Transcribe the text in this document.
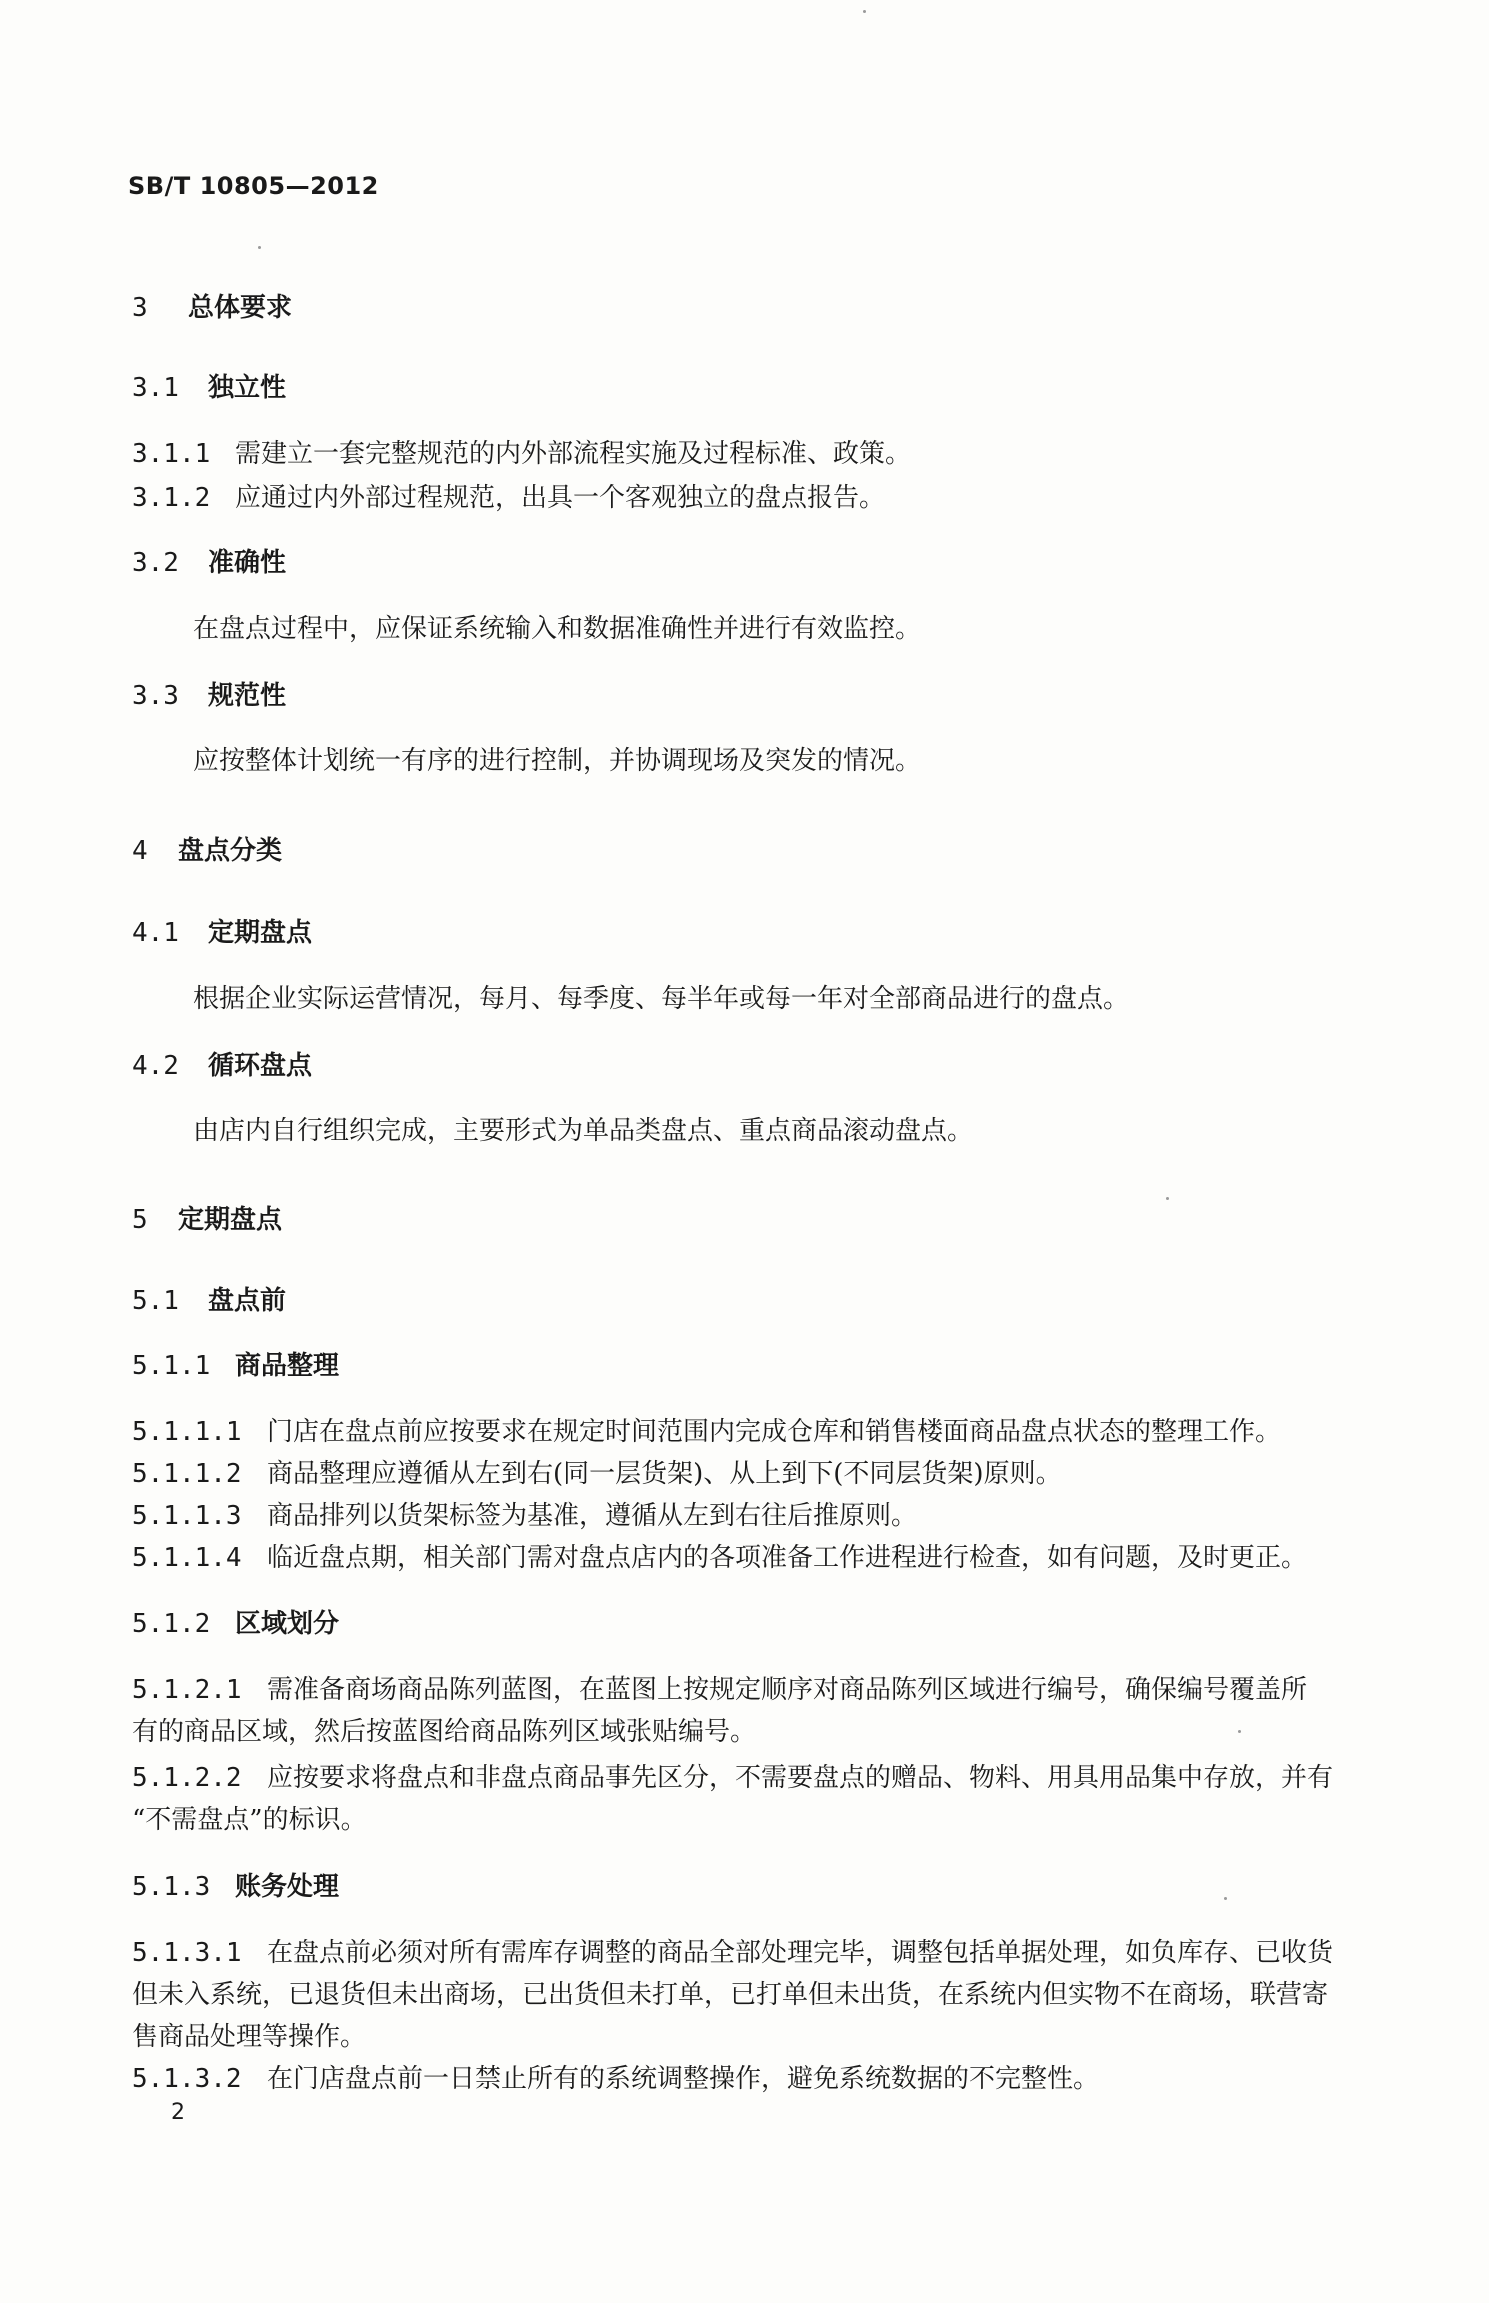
SB/T 10805—2012
3 总体要求
3.1 独立性
3.1.1 需建立一套完整规范的内外部流程实施及过程标准、政策。
3.1.2 应通过内外部过程规范，出具一个客观独立的盘点报告。
3.2 准确性
在盘点过程中，应保证系统输入和数据准确性并进行有效监控。
3.3 规范性
应按整体计划统一有序的进行控制，并协调现场及突发的情况。
4 盘点分类
4.1 定期盘点
根据企业实际运营情况，每月、每季度、每半年或每一年对全部商品进行的盘点。
4.2 循环盘点
由店内自行组织完成，主要形式为单品类盘点、重点商品滚动盘点。
5 定期盘点
5.1 盘点前
5.1.1 商品整理
5.1.1.1 门店在盘点前应按要求在规定时间范围内完成仓库和销售楼面商品盘点状态的整理工作。
5.1.1.2 商品整理应遵循从左到右(同一层货架)、从上到下(不同层货架)原则。
5.1.1.3 商品排列以货架标签为基准，遵循从左到右往后推原则。
5.1.1.4 临近盘点期，相关部门需对盘点店内的各项准备工作进程进行检查，如有问题，及时更正。
5.1.2 区域划分
5.1.2.1 需准备商场商品陈列蓝图，在蓝图上按规定顺序对商品陈列区域进行编号，确保编号覆盖所
有的商品区域，然后按蓝图给商品陈列区域张贴编号。
5.1.2.2 应按要求将盘点和非盘点商品事先区分，不需要盘点的赠品、物料、用具用品集中存放，并有
“不需盘点”的标识。
5.1.3 账务处理
5.1.3.1 在盘点前必须对所有需库存调整的商品全部处理完毕，调整包括单据处理，如负库存、已收货
但未入系统，已退货但未出商场，已出货但未打单，已打单但未出货，在系统内但实物不在商场，联营寄
售商品处理等操作。
5.1.3.2 在门店盘点前一日禁止所有的系统调整操作，避免系统数据的不完整性。
2
